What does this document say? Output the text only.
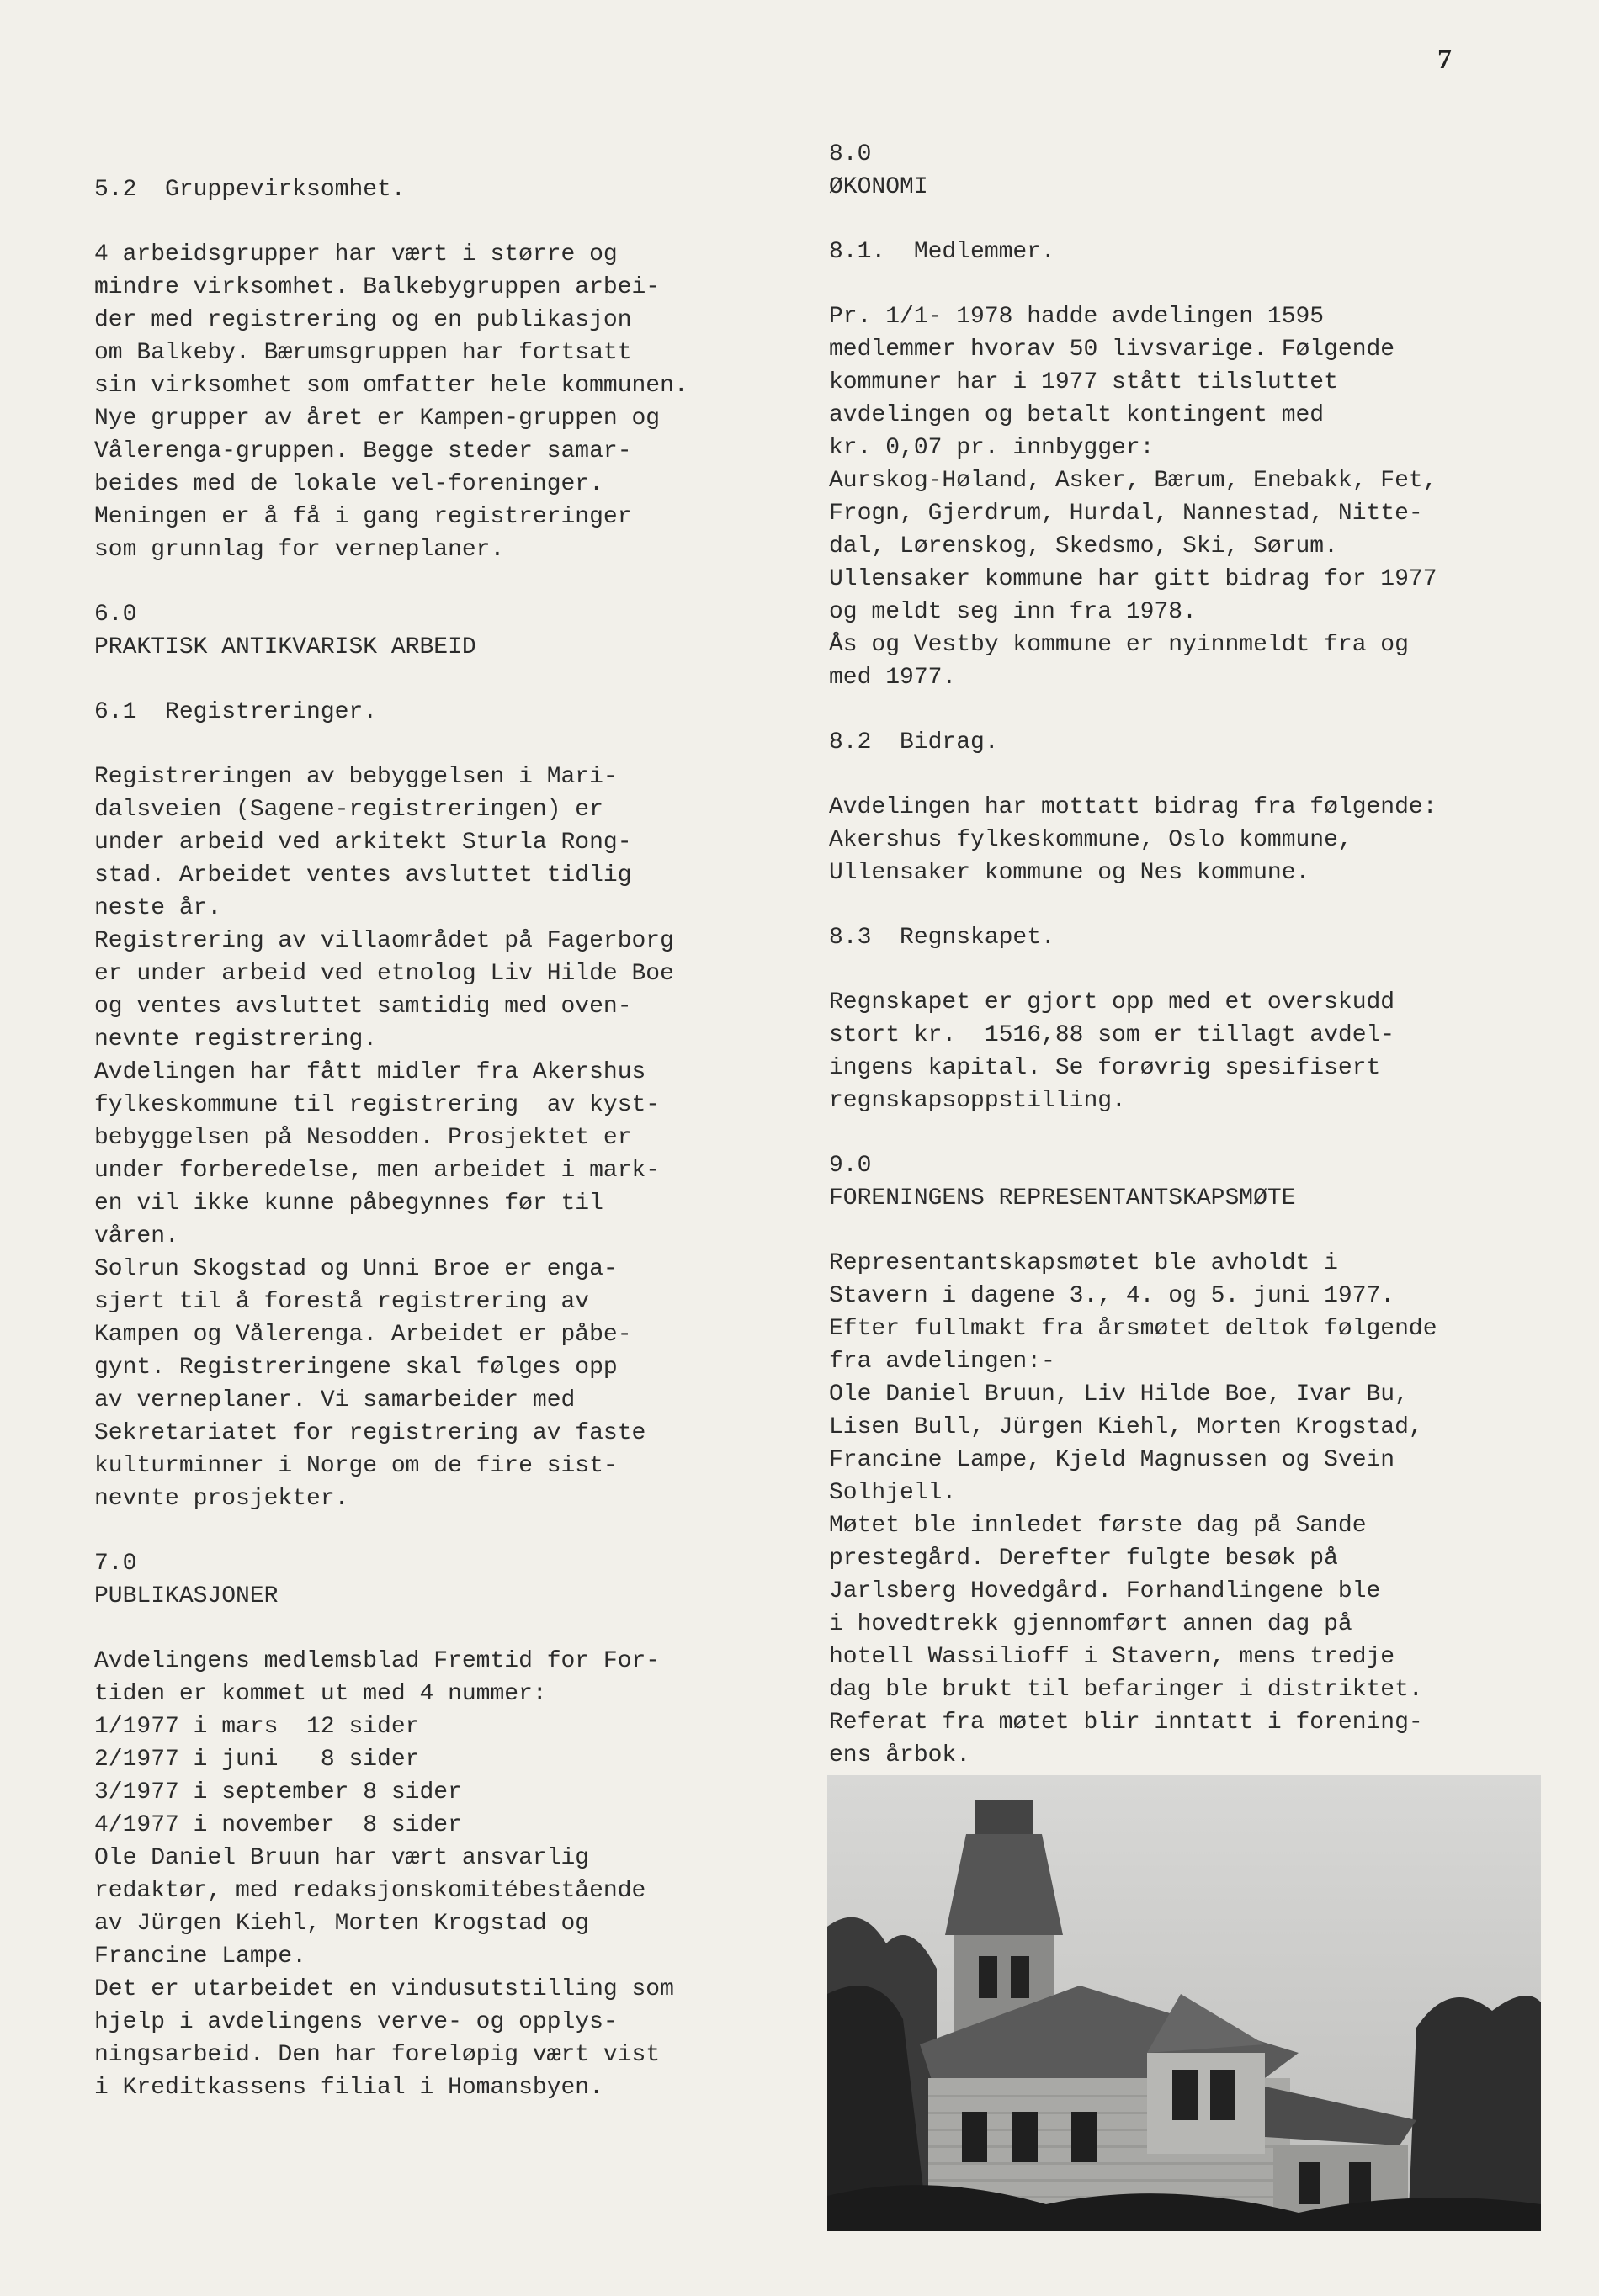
7
5.2  Gruppevirksomhet.
4 arbeidsgrupper har vært i større og
mindre virksomhet. Balkebygruppen arbei-
der med registrering og en publikasjon
om Balkeby. Bærumsgruppen har fortsatt
sin virksomhet som omfatter hele kommunen.
Nye grupper av året er Kampen-gruppen og
Vålerenga-gruppen. Begge steder samar-
beides med de lokale vel-foreninger.
Meningen er å få i gang registreringer
som grunnlag for verneplaner.
6.0
PRAKTISK ANTIKVARISK ARBEID
6.1  Registreringer.
Registreringen av bebyggelsen i Mari-
dalsveien (Sagene-registreringen) er
under arbeid ved arkitekt Sturla Rong-
stad. Arbeidet ventes avsluttet tidlig
neste år.
Registrering av villaområdet på Fagerborg
er under arbeid ved etnolog Liv Hilde Boe
og ventes avsluttet samtidig med oven-
nevnte registrering.
Avdelingen har fått midler fra Akershus
fylkeskommune til registrering  av kyst-
bebyggelsen på Nesodden. Prosjektet er
under forberedelse, men arbeidet i mark-
en vil ikke kunne påbegynnes før til
våren.
Solrun Skogstad og Unni Broe er enga-
sjert til å forestå registrering av
Kampen og Vålerenga. Arbeidet er påbe-
gynt. Registreringene skal følges opp
av verneplaner. Vi samarbeider med
Sekretariatet for registrering av faste
kulturminner i Norge om de fire sist-
nevnte prosjekter.
7.0
PUBLIKASJONER
Avdelingens medlemsblad Fremtid for For-
tiden er kommet ut med 4 nummer:
1/1977 i mars  12 sider
2/1977 i juni   8 sider
3/1977 i september 8 sider
4/1977 i november  8 sider
Ole Daniel Bruun har vært ansvarlig
redaktør, med redaksjonskomitébestående
av Jürgen Kiehl, Morten Krogstad og
Francine Lampe.
Det er utarbeidet en vindusutstilling som
hjelp i avdelingens verve- og opplys-
ningsarbeid. Den har foreløpig vært vist
i Kreditkassens filial i Homansbyen.
8.0
ØKONOMI
8.1.  Medlemmer.
Pr. 1/1- 1978 hadde avdelingen 1595
medlemmer hvorav 50 livsvarige. Følgende
kommuner har i 1977 stått tilsluttet
avdelingen og betalt kontingent med
kr. 0,07 pr. innbygger:
Aurskog-Høland, Asker, Bærum, Enebakk, Fet,
Frogn, Gjerdrum, Hurdal, Nannestad, Nitte-
dal, Lørenskog, Skedsmo, Ski, Sørum.
Ullensaker kommune har gitt bidrag for 1977
og meldt seg inn fra 1978.
Ås og Vestby kommune er nyinnmeldt fra og
med 1977.
8.2  Bidrag.
Avdelingen har mottatt bidrag fra følgende:
Akershus fylkeskommune, Oslo kommune,
Ullensaker kommune og Nes kommune.
8.3  Regnskapet.
Regnskapet er gjort opp med et overskudd
stort kr.  1516,88 som er tillagt avdel-
ingens kapital. Se forøvrig spesifisert
regnskapsoppstilling.
9.0
FORENINGENS REPRESENTANTSKAPSMØTE
Representantskapsmøtet ble avholdt i
Stavern i dagene 3., 4. og 5. juni 1977.
Efter fullmakt fra årsmøtet deltok følgende
fra avdelingen:-
Ole Daniel Bruun, Liv Hilde Boe, Ivar Bu,
Lisen Bull, Jürgen Kiehl, Morten Krogstad,
Francine Lampe, Kjeld Magnussen og Svein
Solhjell.
Møtet ble innledet første dag på Sande
prestegård. Derefter fulgte besøk på
Jarlsberg Hovedgård. Forhandlingene ble
i hovedtrekk gjennomført annen dag på
hotell Wassilioff i Stavern, mens tredje
dag ble brukt til befaringer i distriktet.
Referat fra møtet blir inntatt i forening-
ens årbok.
